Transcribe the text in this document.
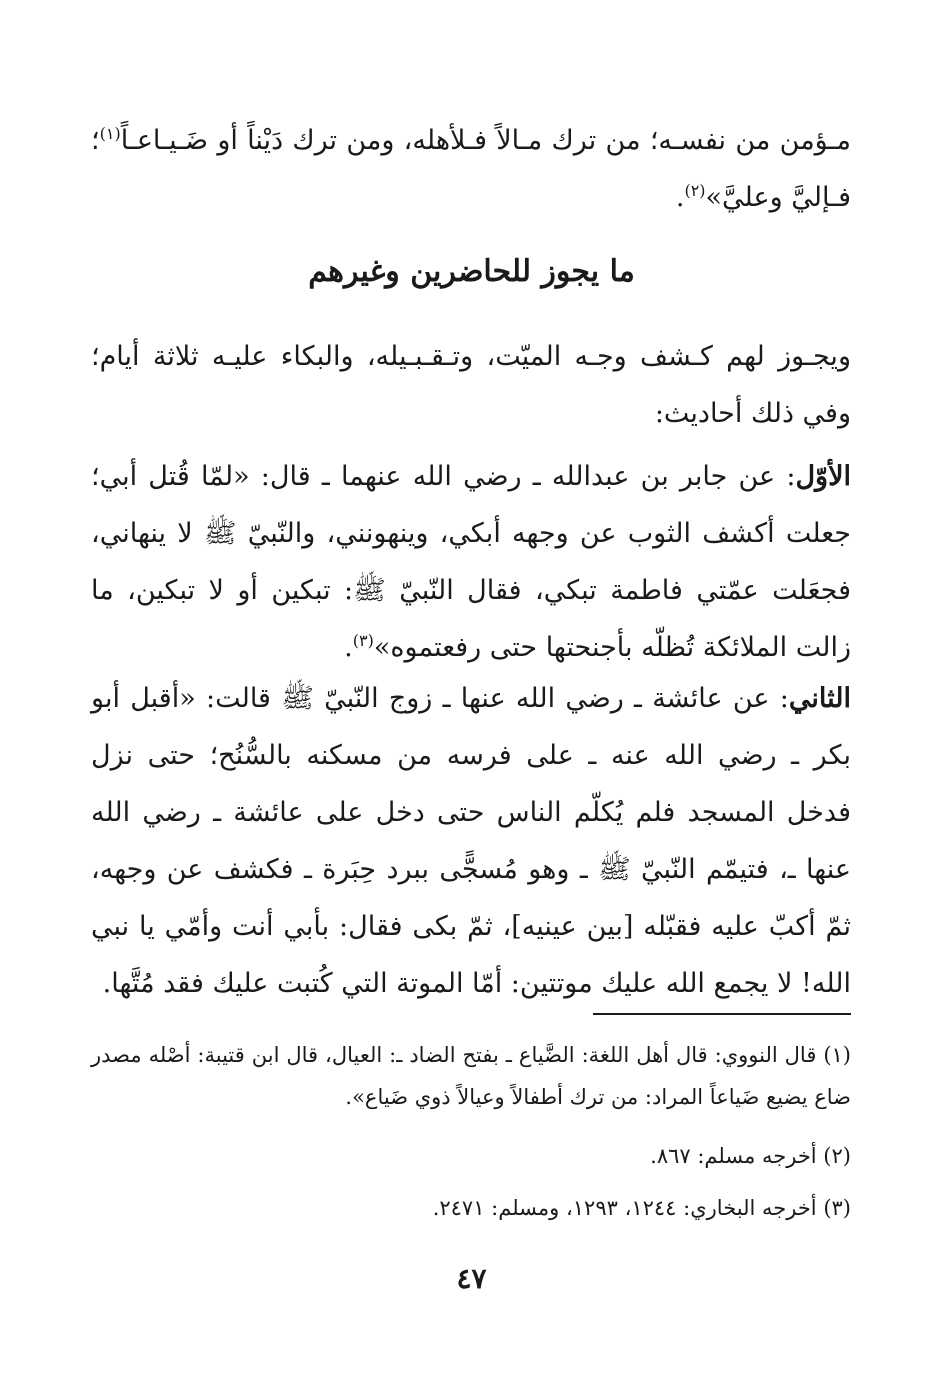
مـؤمن من نفسـه؛ من ترك مـالاً فـلأهله، ومن ترك دَيْناً أو ضَـيـاعـاً$^{(١)}$؛ فـإليَّ وعليَّ»$^{(٢)}$.

ما يجوز للحاضرين وغيرهم

ويجـوز لهم كـشف وجـه الميّت، وتـقـبـيله، والبكاء عليـه ثلاثة أيام؛ وفي ذلك أحاديث:

الأوّل: عن جابر بن عبدالله ـ رضي الله عنهما ـ قال: «لمّا قُتل أبي؛ جعلت أكشف الثوب عن وجهه أبكي، وينهونني، والنّبيّ ﷺ لا ينهاني، فجعَلت عمّتي فاطمة تبكي، فقال النّبيّ ﷺ: تبكين أو لا تبكين، ما زالت الملائكة تُظلّه بأجنحتها حتى رفعتموه»$^{(٣)}$.

الثاني: عن عائشة ـ رضي الله عنها ـ زوج النّبيّ ﷺ قالت: «أقبل أبو بكر ـ رضي الله عنه ـ على فرسه من مسكنه بالسُّنُح؛ حتى نزل فدخل المسجد فلم يُكلّم الناس حتى دخل على عائشة ـ رضي الله عنها ـ، فتيمّم النّبيّ ﷺ ـ وهو مُسجًّى ببرد حِبَرة ـ فكشف عن وجهه، ثمّ أكبّ عليه فقبّله [بين عينيه]، ثمّ بكى فقال: بأبي أنت وأمّي يا نبي الله! لا يجمع الله عليك موتتين: أمّا الموتة التي كُتبت عليك فقد مُتَّها.

(١) قال النووي: قال أهل اللغة: الضَّياع ـ بفتح الضاد ـ: العيال، قال ابن قتيبة: أصْله مصدر ضاع يضيع ضَياعاً المراد: من ترك أطفالاً وعيالاً ذوي ضَياع».

(٢) أخرجه مسلم: ٨٦٧.

(٣) أخرجه البخاري: ١٢٤٤، ١٢٩٣، ومسلم: ٢٤٧١.

٤٧
